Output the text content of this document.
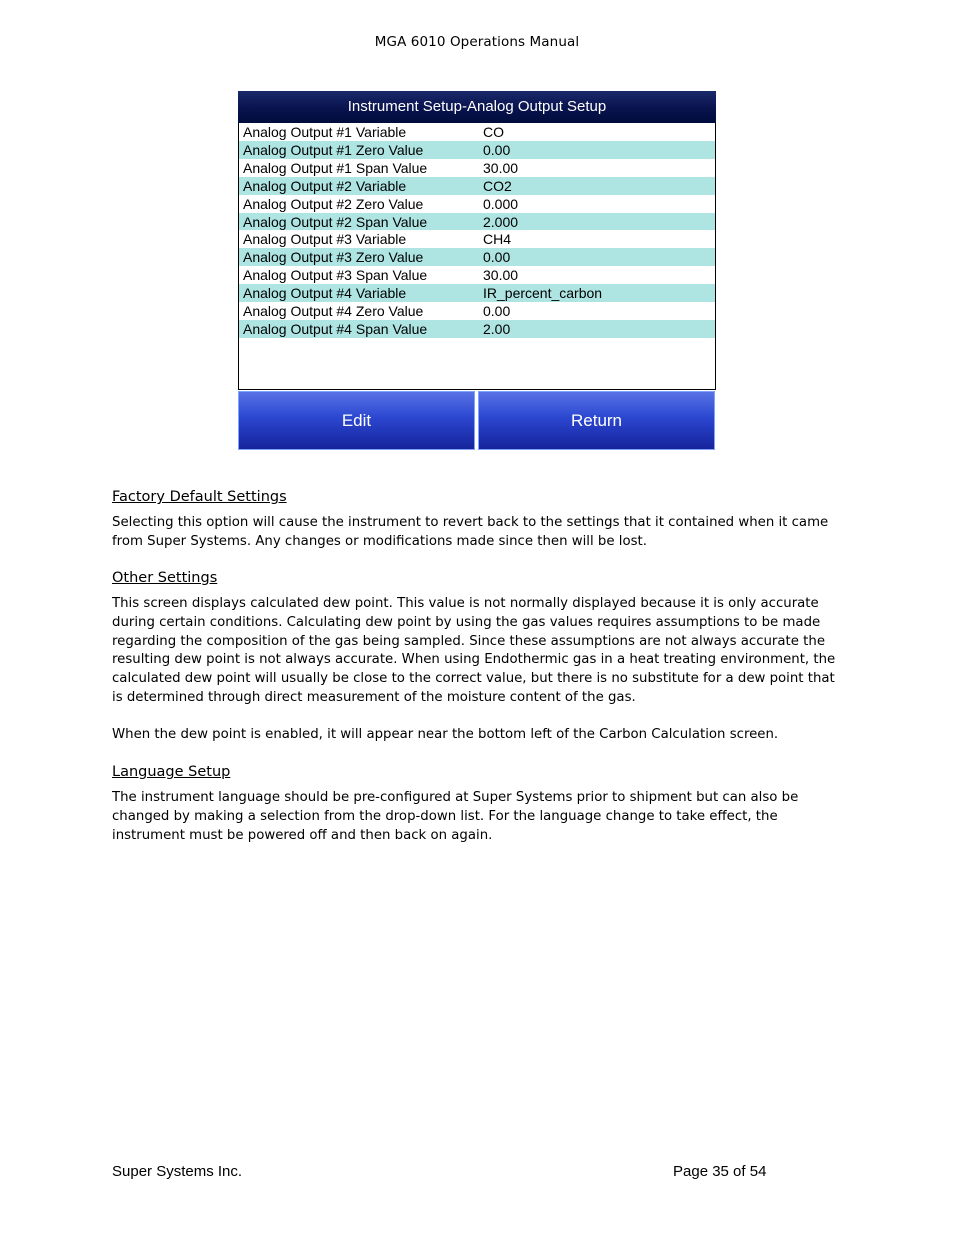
MGA 6010 Operations Manual
Instrument Setup-Analog Output Setup
Analog Output #1 Variable	CO
Analog Output #1 Zero Value	0.00
Analog Output #1 Span Value	30.00
Analog Output #2 Variable	CO2
Analog Output #2 Zero Value	0.000
Analog Output #2 Span Value	2.000
Analog Output #3 Variable	CH4
Analog Output #3 Zero Value	0.00
Analog Output #3 Span Value	30.00
Analog Output #4 Variable	IR_percent_carbon
Analog Output #4 Zero Value	0.00
Analog Output #4 Span Value	2.00
Edit	Return
Factory Default Settings
Selecting this option will cause the instrument to revert back to the settings that it contained when it came from Super Systems. Any changes or modifications made since then will be lost.
Other Settings
This screen displays calculated dew point. This value is not normally displayed because it is only accurate during certain conditions. Calculating dew point by using the gas values requires assumptions to be made regarding the composition of the gas being sampled. Since these assumptions are not always accurate the resulting dew point is not always accurate. When using Endothermic gas in a heat treating environment, the calculated dew point will usually be close to the correct value, but there is no substitute for a dew point that is determined through direct measurement of the moisture content of the gas.
When the dew point is enabled, it will appear near the bottom left of the Carbon Calculation screen.
Language Setup
The instrument language should be pre-configured at Super Systems prior to shipment but can also be changed by making a selection from the drop-down list. For the language change to take effect, the instrument must be powered off and then back on again.
Super Systems Inc.	Page 35 of 54
